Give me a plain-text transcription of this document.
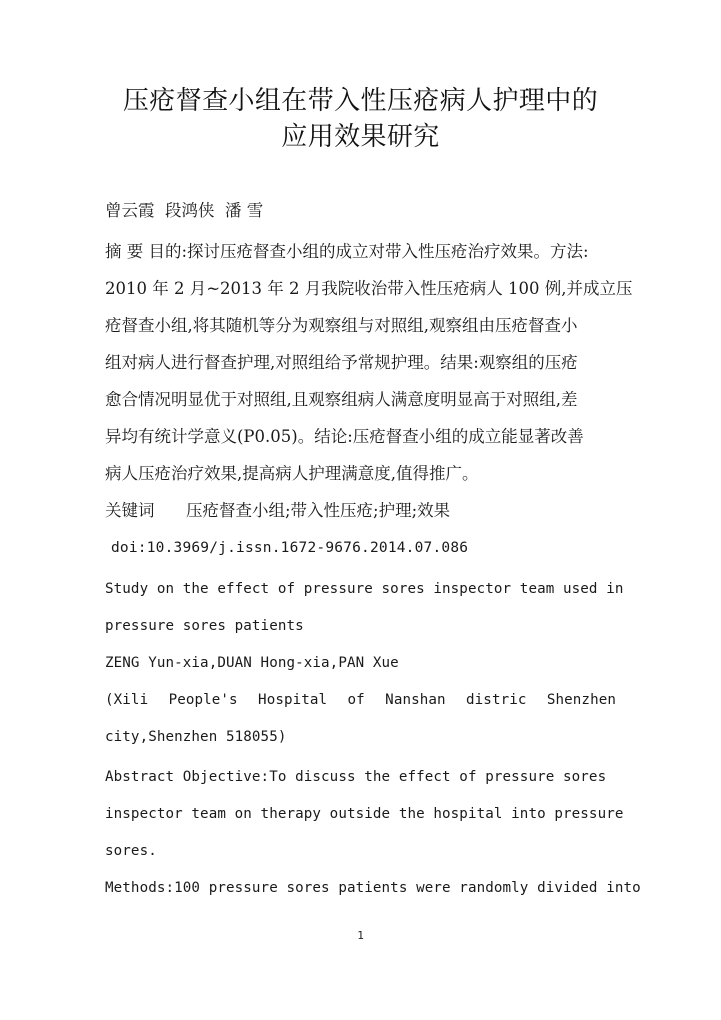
压疮督查小组在带入性压疮病人护理中的
应用效果研究

曾云霞  段鸿侠  潘 雪

摘 要 目的:探讨压疮督查小组的成立对带入性压疮治疗效果。方法:
2010 年 2 月~2013 年 2 月我院收治带入性压疮病人 100 例,并成立压
疮督查小组,将其随机等分为观察组与对照组,观察组由压疮督查小
组对病人进行督查护理,对照组给予常规护理。结果:观察组的压疮
愈合情况明显优于对照组,且观察组病人满意度明显高于对照组,差
异均有统计学意义(P0.05)。结论:压疮督查小组的成立能显著改善
病人压疮治疗效果,提高病人护理满意度,值得推广。

关键词      压疮督查小组;带入性压疮;护理;效果

doi:10.3969/j.issn.1672-9676.2014.07.086

Study on the effect of pressure sores inspector team used in
pressure sores patients
ZENG Yun-xia,DUAN Hong-xia,PAN Xue
(Xili People's Hospital of Nanshan distric Shenzhen
city,Shenzhen 518055)
Abstract Objective:To discuss the effect of pressure sores
inspector team on therapy outside the hospital into pressure
sores.
Methods:100 pressure sores patients were randomly divided into
1
